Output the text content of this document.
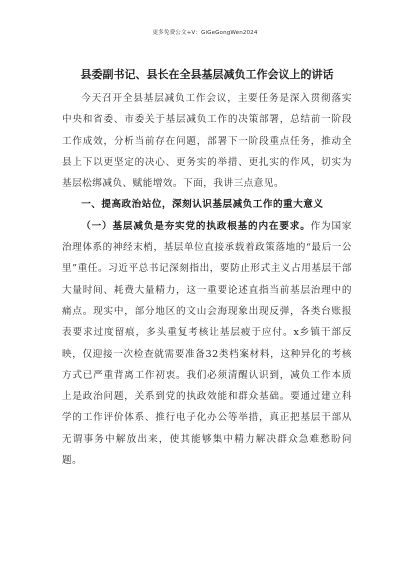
更多免费公文+V：GiGeGongWen2024
县委副书记、县长在全县基层减负工作会议上的讲话

今天召开全县基层减负工作会议，主要任务是深入贯彻落实中央和省委、市委关于基层减负工作的决策部署，总结前一阶段工作成效，分析当前存在问题，部署下一阶段重点任务，推动全县上下以更坚定的决心、更务实的举措、更扎实的作风，切实为基层松绑减负、赋能增效。下面，我讲三点意见。

一、提高政治站位，深刻认识基层减负工作的重大意义

（一）基层减负是夯实党的执政根基的内在要求。作为国家治理体系的神经末梢，基层单位直接承载着政策落地的“最后一公里”重任。习近平总书记深刻指出，要防止形式主义占用基层干部大量时间、耗费大量精力，这一重要论述直指当前基层治理中的痛点。现实中，部分地区的文山会海现象出现反弹，各类台账报表要求过度留痕，多头重复考核让基层疲于应付。x乡镇干部反映，仅迎接一次检查就需要准备32类档案材料，这种异化的考核方式已严重背离工作初衷。我们必须清醒认识到，减负工作本质上是政治问题，关系到党的执政效能和群众基础。要通过建立科学的工作评价体系、推行电子化办公等举措，真正把基层干部从无谓事务中解放出来，使其能够集中精力解决群众急难愁盼问题。
